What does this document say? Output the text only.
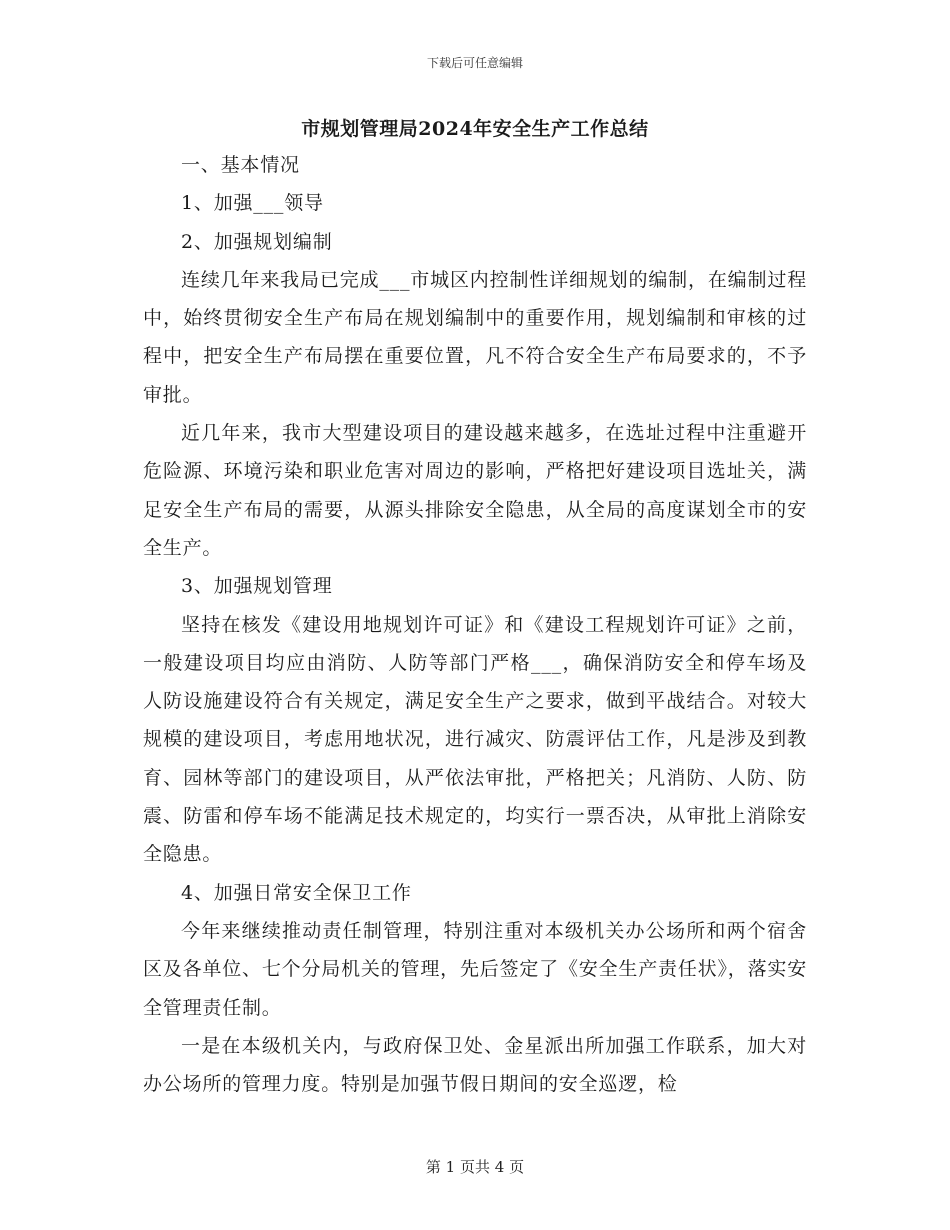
下载后可任意编辑
市规划管理局2024年安全生产工作总结

一、基本情况

1、加强___领导

2、加强规划编制

连续几年来我局已完成___市城区内控制性详细规划的编制，在编制过程中，始终贯彻安全生产布局在规划编制中的重要作用，规划编制和审核的过程中，把安全生产布局摆在重要位置，凡不符合安全生产布局要求的，不予审批。

近几年来，我市大型建设项目的建设越来越多，在选址过程中注重避开危险源、环境污染和职业危害对周边的影响，严格把好建设项目选址关，满足安全生产布局的需要，从源头排除安全隐患，从全局的高度谋划全市的安全生产。

3、加强规划管理

坚持在核发《建设用地规划许可证》和《建设工程规划许可证》之前，一般建设项目均应由消防、人防等部门严格___，确保消防安全和停车场及人防设施建设符合有关规定，满足安全生产之要求，做到平战结合。对较大规模的建设项目，考虑用地状况，进行减灾、防震评估工作，凡是涉及到教育、园林等部门的建设项目，从严依法审批，严格把关；凡消防、人防、防震、防雷和停车场不能满足技术规定的，均实行一票否决，从审批上消除安全隐患。

4、加强日常安全保卫工作

今年来继续推动责任制管理，特别注重对本级机关办公场所和两个宿舍区及各单位、七个分局机关的管理，先后签定了《安全生产责任状》，落实安全管理责任制。

一是在本级机关内，与政府保卫处、金星派出所加强工作联系，加大对办公场所的管理力度。特别是加强节假日期间的安全巡逻，检

第 1 页共 4 页
